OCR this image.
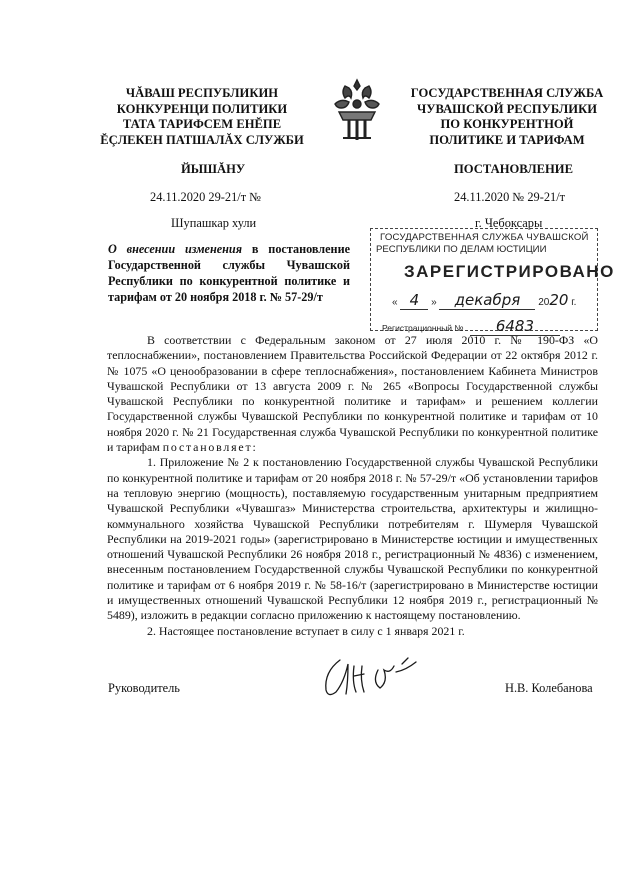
ЧĂВАШ РЕСПУБЛИКИН
КОНКУРЕНЦИ ПОЛИТИКИ
ТАТА ТАРИФСЕМ ЕНĔПЕ
ĔÇЛЕКЕН ПАТШАЛĂХ СЛУЖБИ
ГОСУДАРСТВЕННАЯ СЛУЖБА
ЧУВАШСКОЙ РЕСПУБЛИКИ
ПО КОНКУРЕНТНОЙ
ПОЛИТИКЕ И ТАРИФАМ
ЙЫШĂНУ	ПОСТАНОВЛЕНИЕ
24.11.2020 29-21/т №	24.11.2020 № 29-21/т
Шупашкар хули	г. Чебоксары
ГОСУДАРСТВЕННАЯ СЛУЖБА ЧУВАШСКОЙ
РЕСПУБЛИКИ ПО ДЕЛАМ ЮСТИЦИИ
ЗАРЕГИСТРИРОВАНО
« 4 » декабря 2020 г.
Регистрационный № 6483
О внесении изменения в постановление Государственной службы Чувашской Республики по конкурентной политике и тарифам от 20 ноября 2018 г. № 57-29/т

В соответствии с Федеральным законом от 27 июля 2010 г. № 190-ФЗ «О теплоснабжении», постановлением Правительства Российской Федерации от 22 октября 2012 г. № 1075 «О ценообразовании в сфере теплоснабжения», постановлением Кабинета Министров Чувашской Республики от 13 августа 2009 г. № 265 «Вопросы Государственной службы Чувашской Республики по конкурентной политике и тарифам» и решением коллегии Государственной службы Чувашской Республики по конкурентной политике и тарифам от 10 ноября 2020 г. № 21 Государственная служба Чувашской Республики по конкурентной политике и тарифам постановляет:

1. Приложение № 2 к постановлению Государственной службы Чувашской Республики по конкурентной политике и тарифам от 20 ноября 2018 г. № 57-29/т «Об установлении тарифов на тепловую энергию (мощность), поставляемую государственным унитарным предприятием Чувашской Республики «Чувашгаз» Министерства строительства, архитектуры и жилищно-коммунального хозяйства Чувашской Республики потребителям г. Шумерля Чувашской Республики на 2019-2021 годы» (зарегистрировано в Министерстве юстиции и имущественных отношений Чувашской Республики 26 ноября 2018 г., регистрационный № 4836) с изменением, внесенным постановлением Государственной службы Чувашской Республики по конкурентной политике и тарифам от 6 ноября 2019 г. № 58-16/т (зарегистрировано в Министерстве юстиции и имущественных отношений Чувашской Республики 12 ноября 2019 г., регистрационный № 5489), изложить в редакции согласно приложению к настоящему постановлению.

2. Настоящее постановление вступает в силу с 1 января 2021 г.

Руководитель	Н.В. Колебанова
